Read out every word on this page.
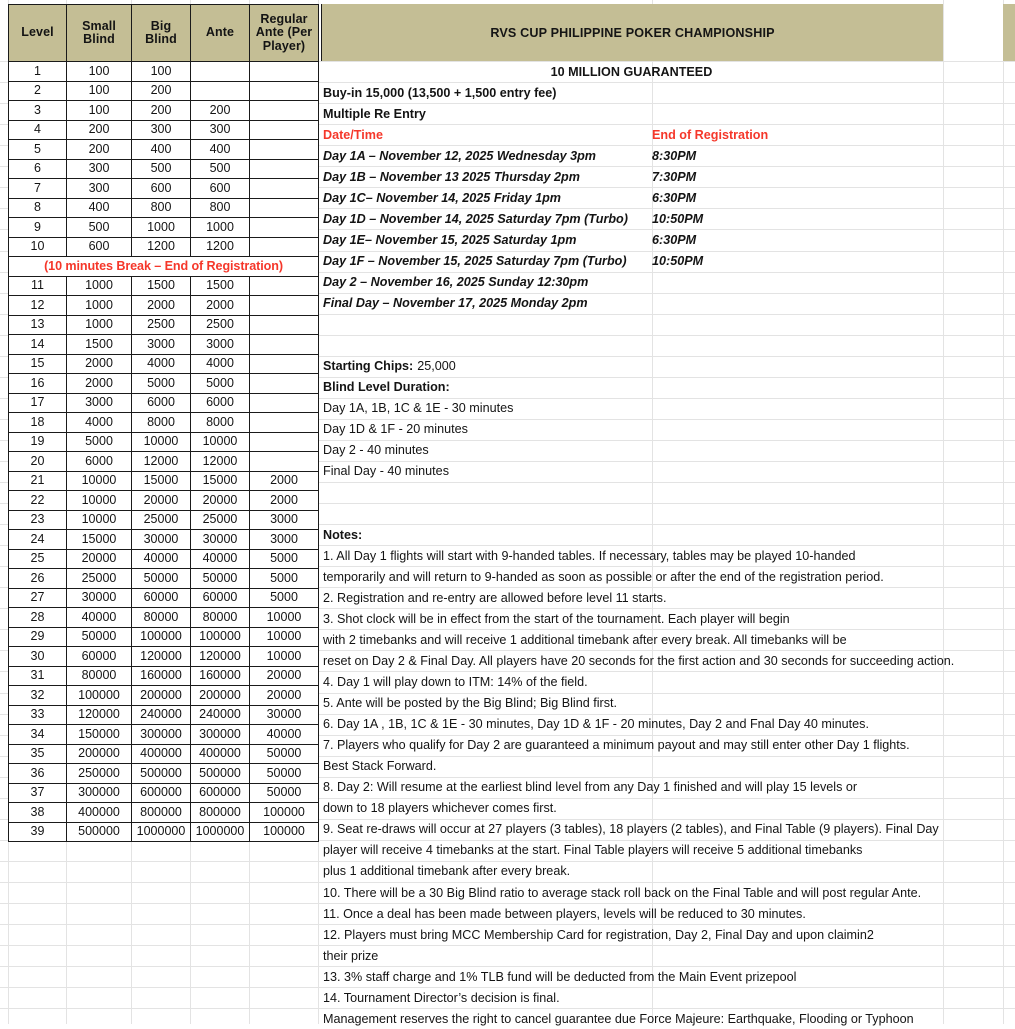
Level	Small Blind	Big Blind	Ante	Regular Ante (Per Player)
1	100	100		
2	100	200		
3	100	200	200	
4	200	300	300	
5	200	400	400	
6	300	500	500	
7	300	600	600	
8	400	800	800	
9	500	1000	1000	
10	600	1200	1200	
(10 minutes Break – End of Registration)				
11	1000	1500	1500	
12	1000	2000	2000	
13	1000	2500	2500	
14	1500	3000	3000	
15	2000	4000	4000	
16	2000	5000	5000	
17	3000	6000	6000	
18	4000	8000	8000	
19	5000	10000	10000	
20	6000	12000	12000	
21	10000	15000	15000	2000
22	10000	20000	20000	2000
23	10000	25000	25000	3000
24	15000	30000	30000	3000
25	20000	40000	40000	5000
26	25000	50000	50000	5000
27	30000	60000	60000	5000
28	40000	80000	80000	10000
29	50000	100000	100000	10000
30	60000	120000	120000	10000
31	80000	160000	160000	20000
32	100000	200000	200000	20000
33	120000	240000	240000	30000
34	150000	300000	300000	40000
35	200000	400000	400000	50000
36	250000	500000	500000	50000
37	300000	600000	600000	50000
38	400000	800000	800000	100000
39	500000	1000000	1000000	100000
RVS CUP PHILIPPINE POKER CHAMPIONSHIP
10 MILLION GUARANTEED
Buy-in 15,000 (13,500 + 1,500 entry fee)
Multiple Re Entry
Date/Time	End of Registration
Day 1A – November 12, 2025 Wednesday 3pm	8:30PM
Day 1B – November 13 2025 Thursday 2pm	7:30PM
Day 1C– November 14, 2025 Friday 1pm	6:30PM
Day 1D – November 14, 2025 Saturday 7pm (Turbo) 10:50PM
Day 1E– November 15, 2025 Saturday 1pm	6:30PM
Day 1F – November 15, 2025 Saturday 7pm (Turbo) 10:50PM
Day 2 – November 16, 2025 Sunday 12:30pm
Final Day – November 17, 2025 Monday 2pm
Starting Chips: 25,000
Blind Level Duration:
Day 1A, 1B, 1C & 1E - 30 minutes
Day 1D & 1F - 20 minutes
Day 2 - 40 minutes
Final Day - 40 minutes
Notes:
1. All Day 1 flights will start with 9-handed tables. If necessary, tables may be played 10-handed
temporarily and will return to 9-handed as soon as possible or after the end of the registration period.
2. Registration and re-entry are allowed before level 11 starts.
3. Shot clock will be in effect from the start of the tournament. Each player will begin
with 2 timebanks and will receive 1 additional timebank after every break. All timebanks will be
reset on Day 2 & Final Day. All players have 20 seconds for the first action and 30 seconds for succeeding action.
4. Day 1 will play down to ITM: 14% of the field.
5. Ante will be posted by the Big Blind; Big Blind first.
6. Day 1A , 1B, 1C & 1E - 30 minutes, Day 1D & 1F - 20 minutes, Day 2 and Fnal Day 40 minutes.
7. Players who qualify for Day 2 are guaranteed a minimum payout and may still enter other Day 1 flights.
Best Stack Forward.
8. Day 2: Will resume at the earliest blind level from any Day 1 finished and will play 15 levels or
down to 18 players whichever comes first.
9. Seat re-draws will occur at 27 players (3 tables), 18 players (2 tables), and Final Table (9 players). Final Day
player will receive 4 timebanks at the start. Final Table players will receive 5 additional timebanks
plus 1 additional timebank after every break.
10. There will be a 30 Big Blind ratio to average stack roll back on the Final Table and will post regular Ante.
11. Once a deal has been made between players, levels will be reduced to 30 minutes.
12. Players must bring MCC Membership Card for registration, Day 2, Final Day and upon claimin2
their prize
13. 3% staff charge and 1% TLB fund will be deducted from the Main Event prizepool
14. Tournament Director’s decision is final.
Management reserves the right to cancel guarantee due Force Majeure: Earthquake, Flooding or Typhoon
